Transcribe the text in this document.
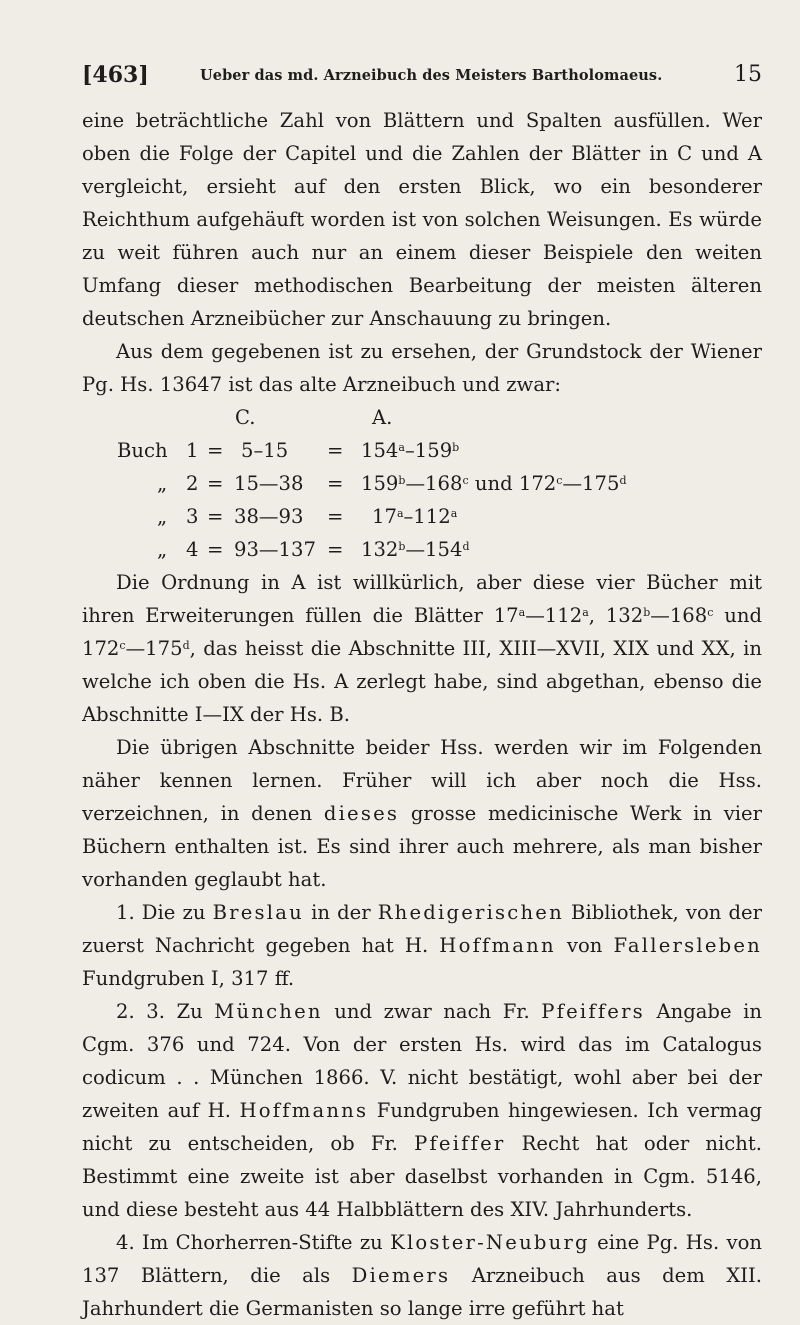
[463]	Ueber das md. Arzneibuch des Meisters Bartholomaeus.	15

eine beträchtliche Zahl von Blättern und Spalten ausfüllen. Wer oben die Folge der Capitel und die Zahlen der Blätter in C und A vergleicht, ersieht auf den ersten Blick, wo ein besonderer Reichthum aufgehäuft worden ist von solchen Weisungen. Es würde zu weit führen auch nur an einem dieser Beispiele den weiten Umfang dieser methodischen Bearbeitung der meisten älteren deutschen Arzneibücher zur Anschauung zu bringen.

Aus dem gegebenen ist zu ersehen, der Grundstock der Wiener Pg. Hs. 13647 ist das alte Arzneibuch und zwar:

C.	A.
Buch $1 = 5-15 = 154^a-159^b$
„ 2 = 15—38 = $159^b—168^c$ und 172$^c$—175$^d$
„ 3 = 38—93 = $17^a-112^a$
„ 4 = 93—137 = $132^b—154^d$

Die Ordnung in A ist willkürlich, aber diese vier Bücher mit ihren Erweiterungen füllen die Blätter 17$^a$—112$^a$, 132$^b$—168$^c$ und 172$^c$—175$^d$, das heisst die Abschnitte III, XIII—XVII, XIX und XX, in welche ich oben die Hs. A zerlegt habe, sind abgethan, ebenso die Abschnitte I—IX der Hs. B.

Die übrigen Abschnitte beider Hss. werden wir im Folgenden näher kennen lernen. Früher will ich aber noch die Hss. verzeichnen, in denen dieses grosse medicinische Werk in vier Büchern enthalten ist. Es sind ihrer auch mehrere, als man bisher vorhanden geglaubt hat.

1. Die zu Breslau in der Rhedigerischen Bibliothek, von der zuerst Nachricht gegeben hat H. Hoffmann von Fallersleben Fundgruben I, 317 ff.

2. 3. Zu München und zwar nach Fr. Pfeiffers Angabe in Cgm. 376 und 724. Von der ersten Hs. wird das im Catalogus codicum . . München 1866. V. nicht bestätigt, wohl aber bei der zweiten auf H. Hoffmanns Fundgruben hingewiesen. Ich vermag nicht zu entscheiden, ob Fr. Pfeiffer Recht hat oder nicht. Bestimmt eine zweite ist aber daselbst vorhanden in Cgm. 5146, und diese besteht aus 44 Halbblättern des XIV. Jahrhunderts.

4. Im Chorherren-Stifte zu Kloster-Neuburg eine Pg. Hs. von 137 Blättern, die als Diemers Arzneibuch aus dem XII. Jahrhundert die Germanisten so lange irre geführt hat
